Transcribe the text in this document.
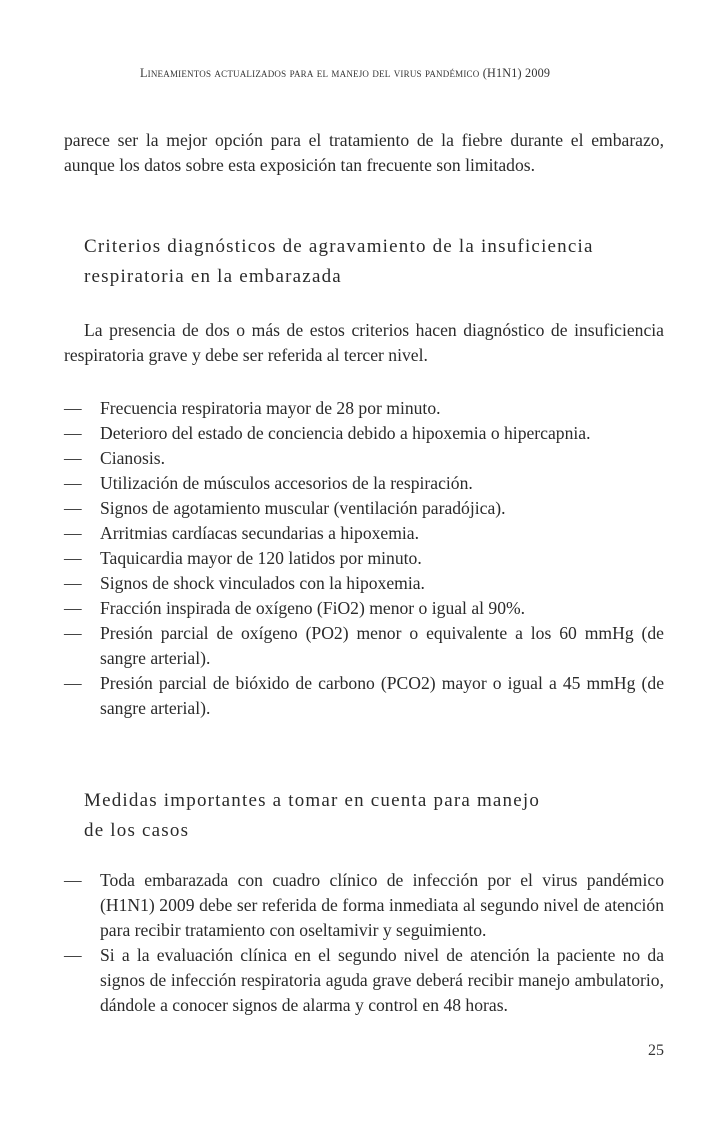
Lineamientos actualizados para el manejo del virus pandémico (H1N1) 2009
parece ser la mejor opción para el tratamiento de la fiebre durante el embarazo, aunque los datos sobre esta exposición tan frecuente son limitados.
Criterios diagnósticos de agravamiento de la insuficiencia
respiratoria en la embarazada
La presencia de dos o más de estos criterios hacen diagnóstico de insuficiencia respiratoria grave y debe ser referida al tercer nivel.
— Frecuencia respiratoria mayor de 28 por minuto.
— Deterioro del estado de conciencia debido a hipoxemia o hipercapnia.
— Cianosis.
— Utilización de músculos accesorios de la respiración.
— Signos de agotamiento muscular (ventilación paradójica).
— Arritmias cardíacas secundarias a hipoxemia.
— Taquicardia mayor de 120 latidos por minuto.
— Signos de shock vinculados con la hipoxemia.
— Fracción inspirada de oxígeno (FiO2) menor o igual al 90%.
— Presión parcial de oxígeno (PO2) menor o equivalente a los 60 mmHg (de sangre arterial).
— Presión parcial de bióxido de carbono (PCO2) mayor o igual a 45 mmHg (de sangre arterial).
Medidas importantes a tomar en cuenta para manejo
de los casos
— Toda embarazada con cuadro clínico de infección por el virus pandémico (H1N1) 2009 debe ser referida de forma inmediata al segundo nivel de atención para recibir tratamiento con oseltamivir y seguimiento.
— Si a la evaluación clínica en el segundo nivel de atención la paciente no da signos de infección respiratoria aguda grave deberá recibir manejo ambulatorio, dándole a conocer signos de alarma y control en 48 horas.
25
